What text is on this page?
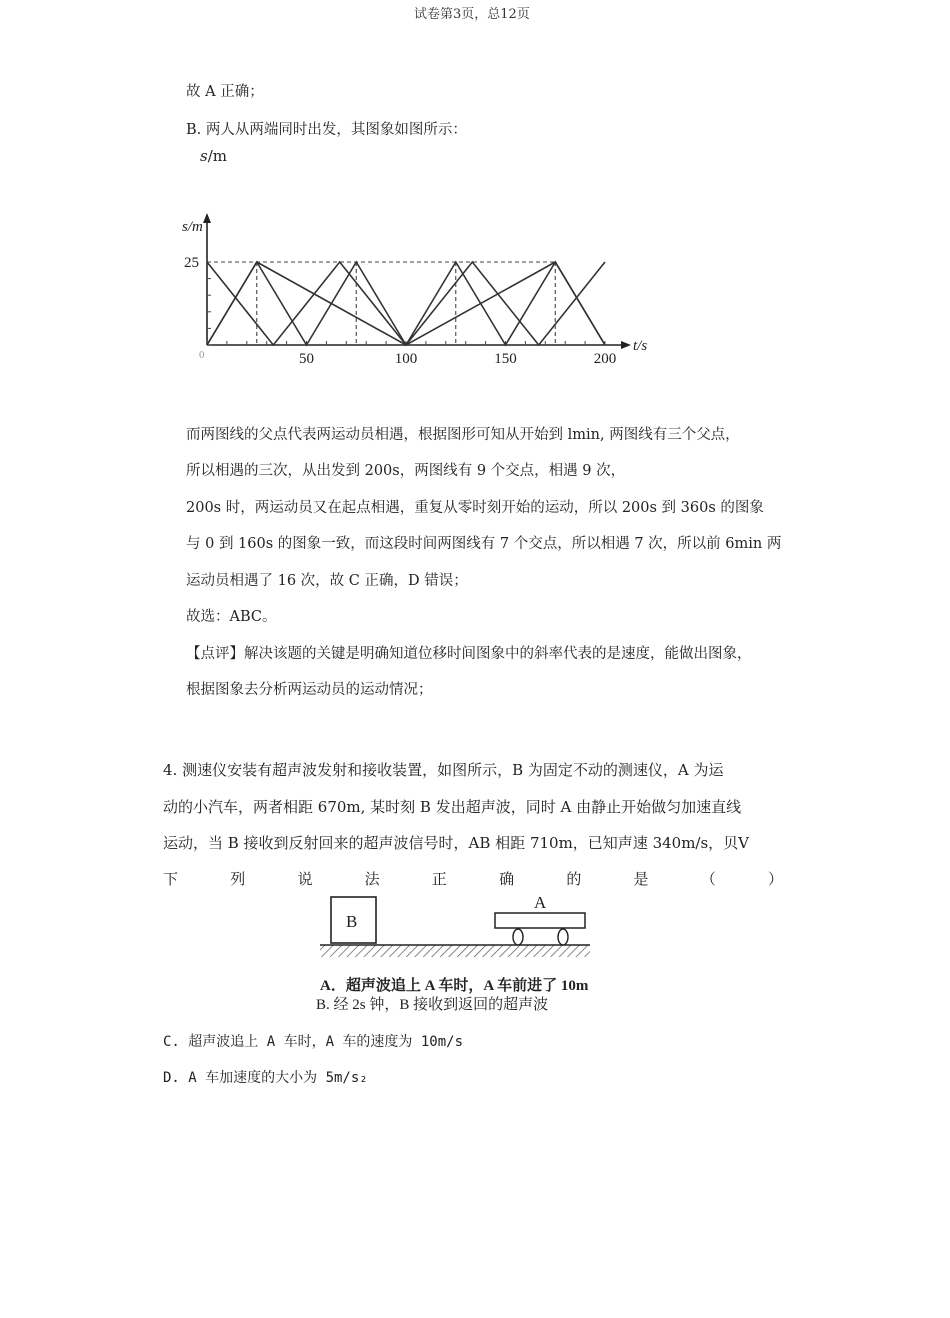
试卷第3页，总12页
故 A 正确；
B. 两人从两端同时出发，其图象如图所示：
s/m
s/m
t/s
25
0	50	100	150	200
而两图线的父点代表两运动员相遇，根据图形可知从开始到 lmin, 两图线有三个父点，
所以相遇的三次，从出发到 200s，两图线有 9 个交点，相遇 9 次，
200s 时，两运动员又在起点相遇，重复从零时刻开始的运动，所以 200s 到 360s 的图象
与 0 到 160s 的图象一致，而这段时间两图线有 7 个交点，所以相遇 7 次，所以前 6min 两
运动员相遇了 16 次，故 C 正确，D 错误；
故选：ABC。
【点评】解决该题的关键是明确知道位移时间图象中的斜率代表的是速度，能做出图象，
根据图象去分析两运动员的运动情况；
4. 测速仪安装有超声波发射和接收装置，如图所示，B 为固定不动的测速仪，A 为运
动的小汽车，两者相距 670m, 某时刻 B 发出超声波，同时 A 由静止开始做匀加速直线
运动，当 B 接收到反射回来的超声波信号时，AB 相距 710m，已知声速 340m/s，贝V
下	列	说	法	正	确	的	是	（	）
B
A
A．超声波追上 A 车时，A 车前进了 10m
B. 经 2s 钟，B 接收到返回的超声波
C. 超声波追上 A 车时，A 车的速度为 10m/s
D. A 车加速度的大小为 5m/s₂
